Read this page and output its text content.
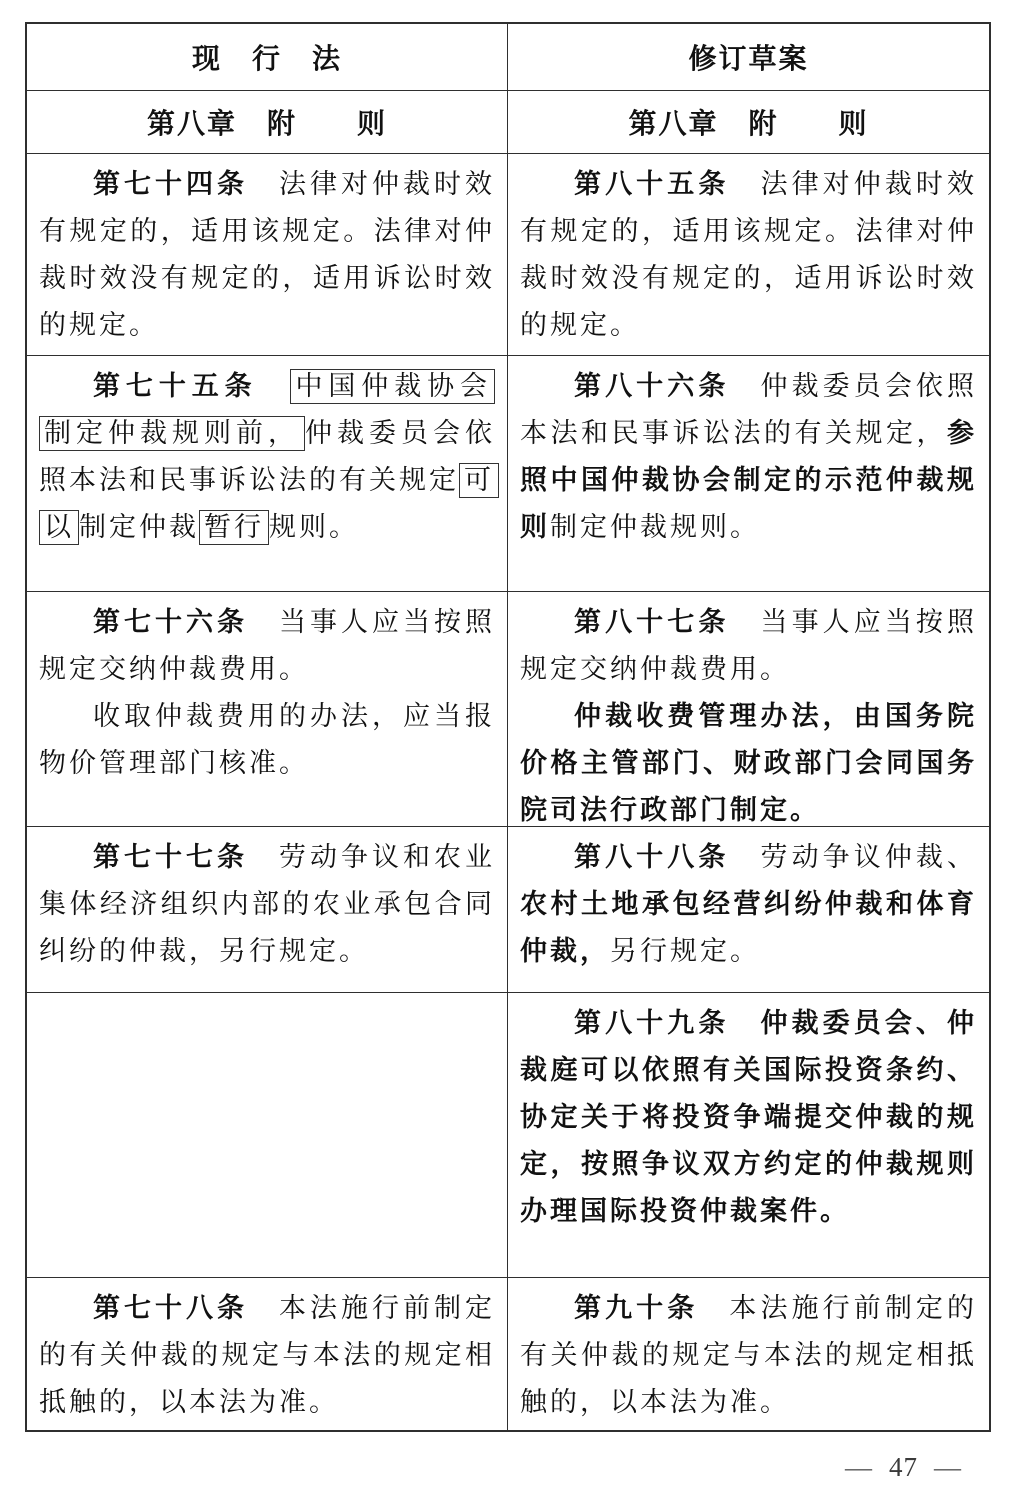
现　行　法	修订草案
第八章　附　　则	第八章　附　　则

第七十四条　法律对仲裁时效有规定的，适用该规定。法律对仲裁时效没有规定的，适用诉讼时效的规定。

第八十五条　法律对仲裁时效有规定的，适用该规定。法律对仲裁时效没有规定的，适用诉讼时效的规定。

第七十五条　 中国仲裁协会制定仲裁规则前， 仲裁委员会依照本法和民事诉讼法的有关规定 可以 制定仲裁 暂行 规则。

第八十六条　仲裁委员会依照本法和民事诉讼法的有关规定，参照中国仲裁协会制定的示范仲裁规则制定仲裁规则。

第七十六条　当事人应当按照规定交纳仲裁费用。

收取仲裁费用的办法，应当报物价管理部门核准。

第八十七条　当事人应当按照规定交纳仲裁费用。

仲裁收费管理办法，由国务院价格主管部门、财政部门会同国务院司法行政部门制定。

第七十七条　劳动争议和农业集体经济组织内部的农业承包合同纠纷的仲裁，另行规定。

第八十八条　劳动争议仲裁、农村土地承包经营纠纷仲裁和体育仲裁，另行规定。

第八十九条　仲裁委员会、仲裁庭可以依照有关国际投资条约、协定关于将投资争端提交仲裁的规定，按照争议双方约定的仲裁规则办理国际投资仲裁案件。

第七十八条　本法施行前制定的有关仲裁的规定与本法的规定相抵触的，以本法为准。

第九十条　本法施行前制定的有关仲裁的规定与本法的规定相抵触的，以本法为准。

— 47 —
